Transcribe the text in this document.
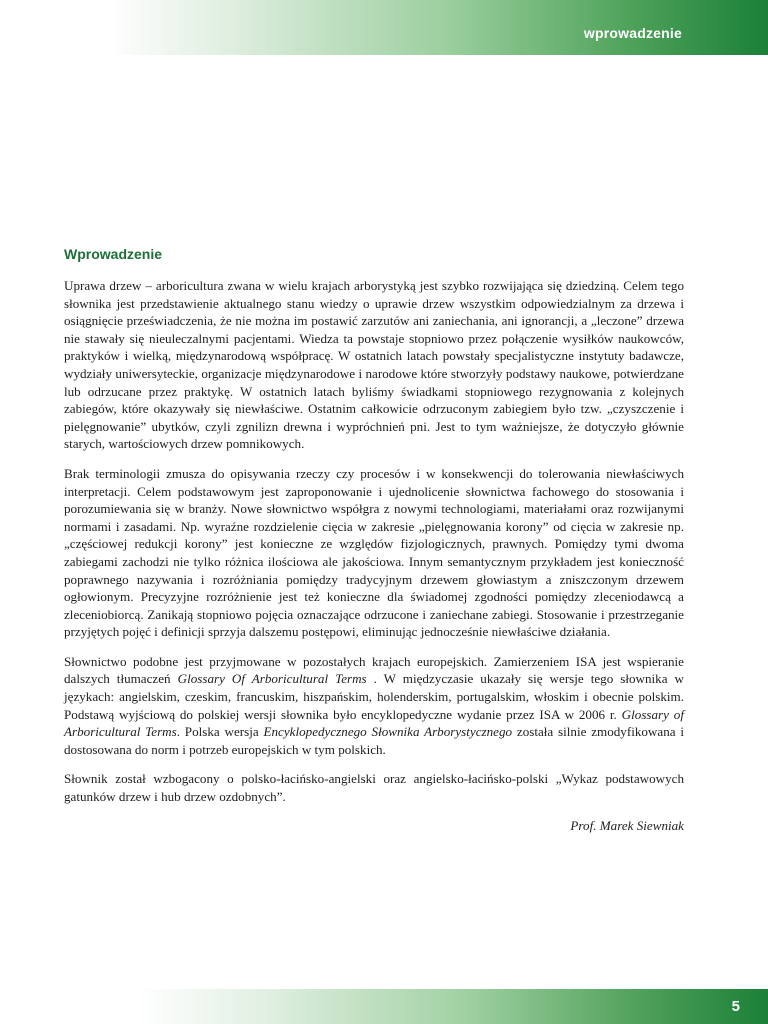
wprowadzenie
Wprowadzenie

Uprawa drzew – arboricultura zwana w wielu krajach arborystyką jest szybko rozwijająca się dziedziną. Celem tego słownika jest przedstawienie aktualnego stanu wiedzy o uprawie drzew wszystkim odpowiedzialnym za drzewa i osiągnięcie przeświadczenia, że nie można im postawić zarzutów ani zaniechania, ani ignorancji, a „leczone” drzewa nie stawały się nieuleczalnymi pacjentami. Wiedza ta powstaje stopniowo przez połączenie wysiłków naukowców, praktyków i wielką, międzynarodową współpracę. W ostatnich latach powstały specjalistyczne instytuty badawcze, wydziały uniwersyteckie, organizacje międzynarodowe i narodowe które stworzyły podstawy naukowe, potwierdzane lub odrzucane przez praktykę. W ostatnich latach byliśmy świadkami stopniowego rezygnowania z kolejnych zabiegów, które okazywały się niewłaściwe. Ostatnim całkowicie odrzuconym zabiegiem było tzw. „czyszczenie i pielęgnowanie” ubytków, czyli zgnilizn drewna i wypróchnień pni. Jest to tym ważniejsze, że dotyczyło głównie starych, wartościowych drzew pomnikowych.

Brak terminologii zmusza do opisywania rzeczy czy procesów i w konsekwencji do tolerowania niewłaściwych interpretacji. Celem podstawowym jest zaproponowanie i ujednolicenie słownictwa fachowego do stosowania i porozumiewania się w branży. Nowe słownictwo współgra z nowymi technologiami, materiałami oraz rozwijanymi normami i zasadami. Np. wyraźne rozdzielenie cięcia w zakresie „pielęgnowania korony” od cięcia w zakresie np. „częściowej redukcji korony” jest konieczne ze względów fizjologicznych, prawnych. Pomiędzy tymi dwoma zabiegami zachodzi nie tylko różnica ilościowa ale jakościowa. Innym semantycznym przykładem jest konieczność poprawnego nazywania i rozróżniania pomiędzy tradycyjnym drzewem głowiastym a zniszczonym drzewem ogłowionym. Precyzyjne rozróżnienie jest też konieczne dla świadomej zgodności pomiędzy zleceniodawcą a zleceniobiorcą. Zanikają stopniowo pojęcia oznaczające odrzucone i zaniechane zabiegi. Stosowanie i przestrzeganie przyjętych pojęć i definicji sprzyja dalszemu postępowi, eliminując jednocześnie niewłaściwe działania.

Słownictwo podobne jest przyjmowane w pozostałych krajach europejskich. Zamierzeniem ISA jest wspieranie dalszych tłumaczeń Glossary Of Arboricultural Terms . W międzyczasie ukazały się wersje tego słownika w językach: angielskim, czeskim, francuskim, hiszpańskim, holenderskim, portugalskim, włoskim i obecnie polskim. Podstawą wyjściową do polskiej wersji słownika było encyklopedyczne wydanie przez ISA w 2006 r. Glossary of Arboricultural Terms. Polska wersja Encyklopedycznego Słownika Arborystycznego została silnie zmodyfikowana i dostosowana do norm i potrzeb europejskich w tym polskich.

Słownik został wzbogacony o polsko-łacińsko-angielski oraz angielsko-łacińsko-polski „Wykaz podstawowych gatunków drzew i hub drzew ozdobnych”.

Prof. Marek Siewniak

5
